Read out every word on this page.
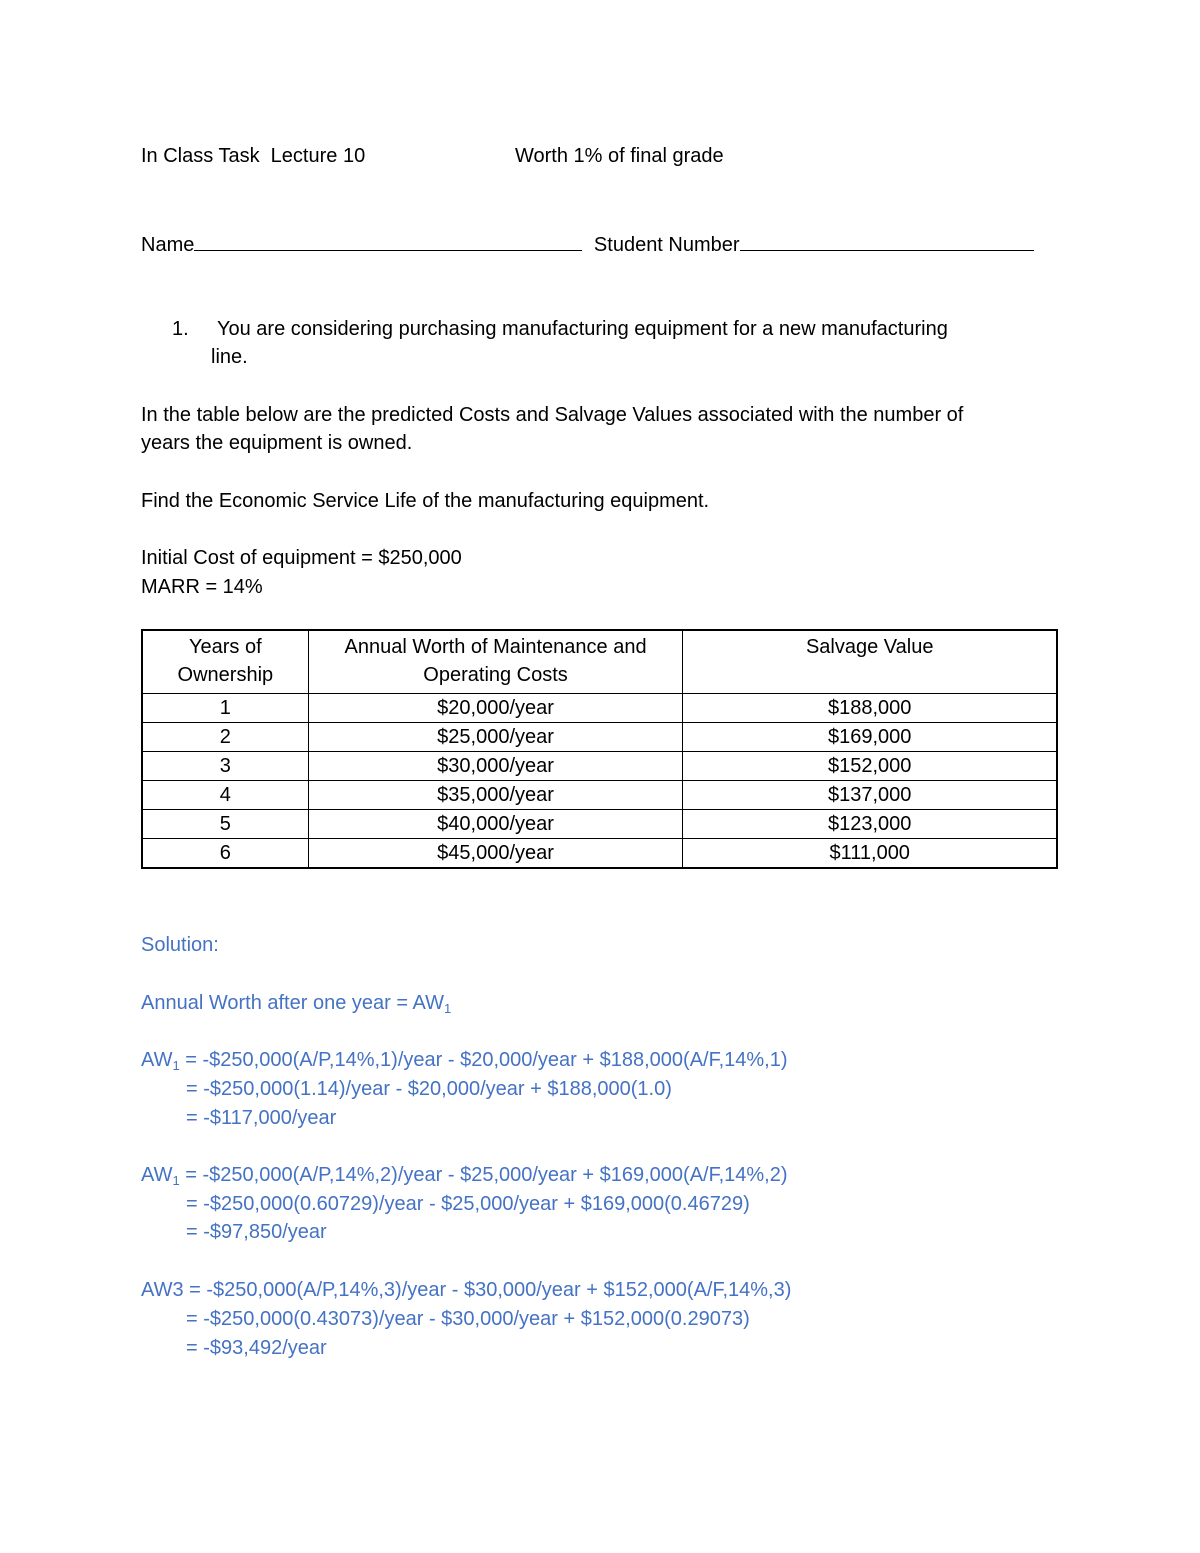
In Class Task  Lecture 10	Worth 1% of final grade
Name	Student Number
1. You are considering purchasing manufacturing equipment for a new manufacturing
line.
In the table below are the predicted Costs and Salvage Values associated with the number of
years the equipment is owned.
Find the Economic Service Life of the manufacturing equipment.
Initial Cost of equipment = $250,000
MARR = 14%
Years of
Ownership	Annual Worth of Maintenance and
Operating Costs	Salvage Value
1	$20,000/year	$188,000
2	$25,000/year	$169,000
3	$30,000/year	$152,000
4	$35,000/year	$137,000
5	$40,000/year	$123,000
6	$45,000/year	$111,000
Solution:
Annual Worth after one year = $AW_1$
$AW_1$ = -$250,000(A/P,14%,1)/year - $20,000/year + $188,000(A/F,14%,1)
= -$250,000(1.14)/year - $20,000/year + $188,000(1.0)
= -$117,000/year
$AW_1$ = -$250,000(A/P,14%,2)/year - $25,000/year + $169,000(A/F,14%,2)
= -$250,000(0.60729)/year - $25,000/year + $169,000(0.46729)
= -$97,850/year
AW3 = -$250,000(A/P,14%,3)/year - $30,000/year + $152,000(A/F,14%,3)
= -$250,000(0.43073)/year - $30,000/year + $152,000(0.29073)
= -$93,492/year
